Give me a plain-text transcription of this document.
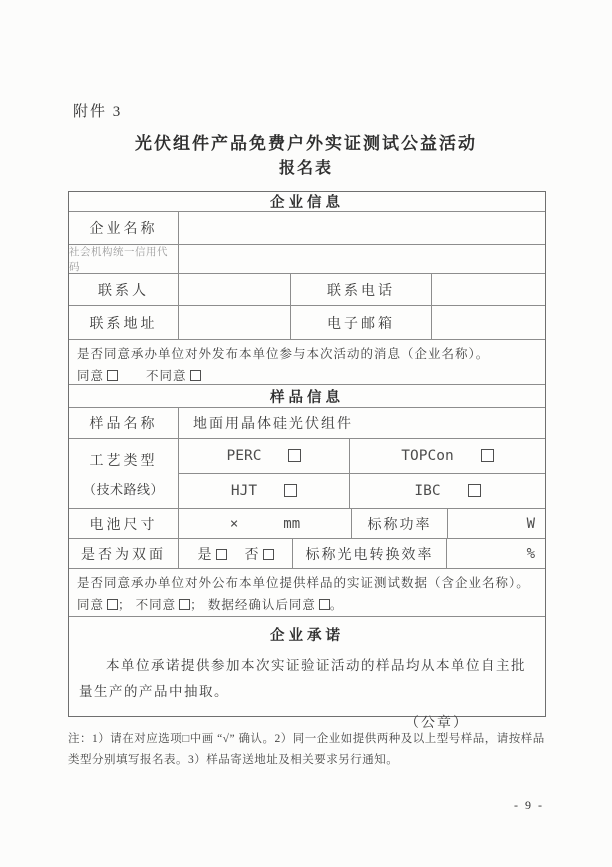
附件 3
光伏组件产品免费户外实证测试公益活动
报名表
企业信息
企业名称
社会机构统一信用代码
联系人	联系电话
联系地址	电子邮箱
是否同意承办单位对外发布本单位参与本次活动的消息（企业名称）。
同意	不同意
样品信息
样品名称	地面用晶体硅光伏组件
工艺类型
（技术路线）
PERC	TOPCon
HJT	IBC
电池尺寸	×	mm	标称功率	W
是否为双面	是	否	标称光电转换效率	%
是否同意承办单位对外公布本单位提供样品的实证测试数据（含企业名称）。
同意 ； 不同意 ； 数据经确认后同意 。
企业承诺
本单位承诺提供参加本次实证验证活动的样品均从本单位自主批量生产的产品中抽取。
（公章）
注：1）请在对应选项□中画 “√” 确认。2）同一企业如提供两种及以上型号样品，请按样品类型分别填写报名表。3）样品寄送地址及相关要求另行通知。
- 9 -
